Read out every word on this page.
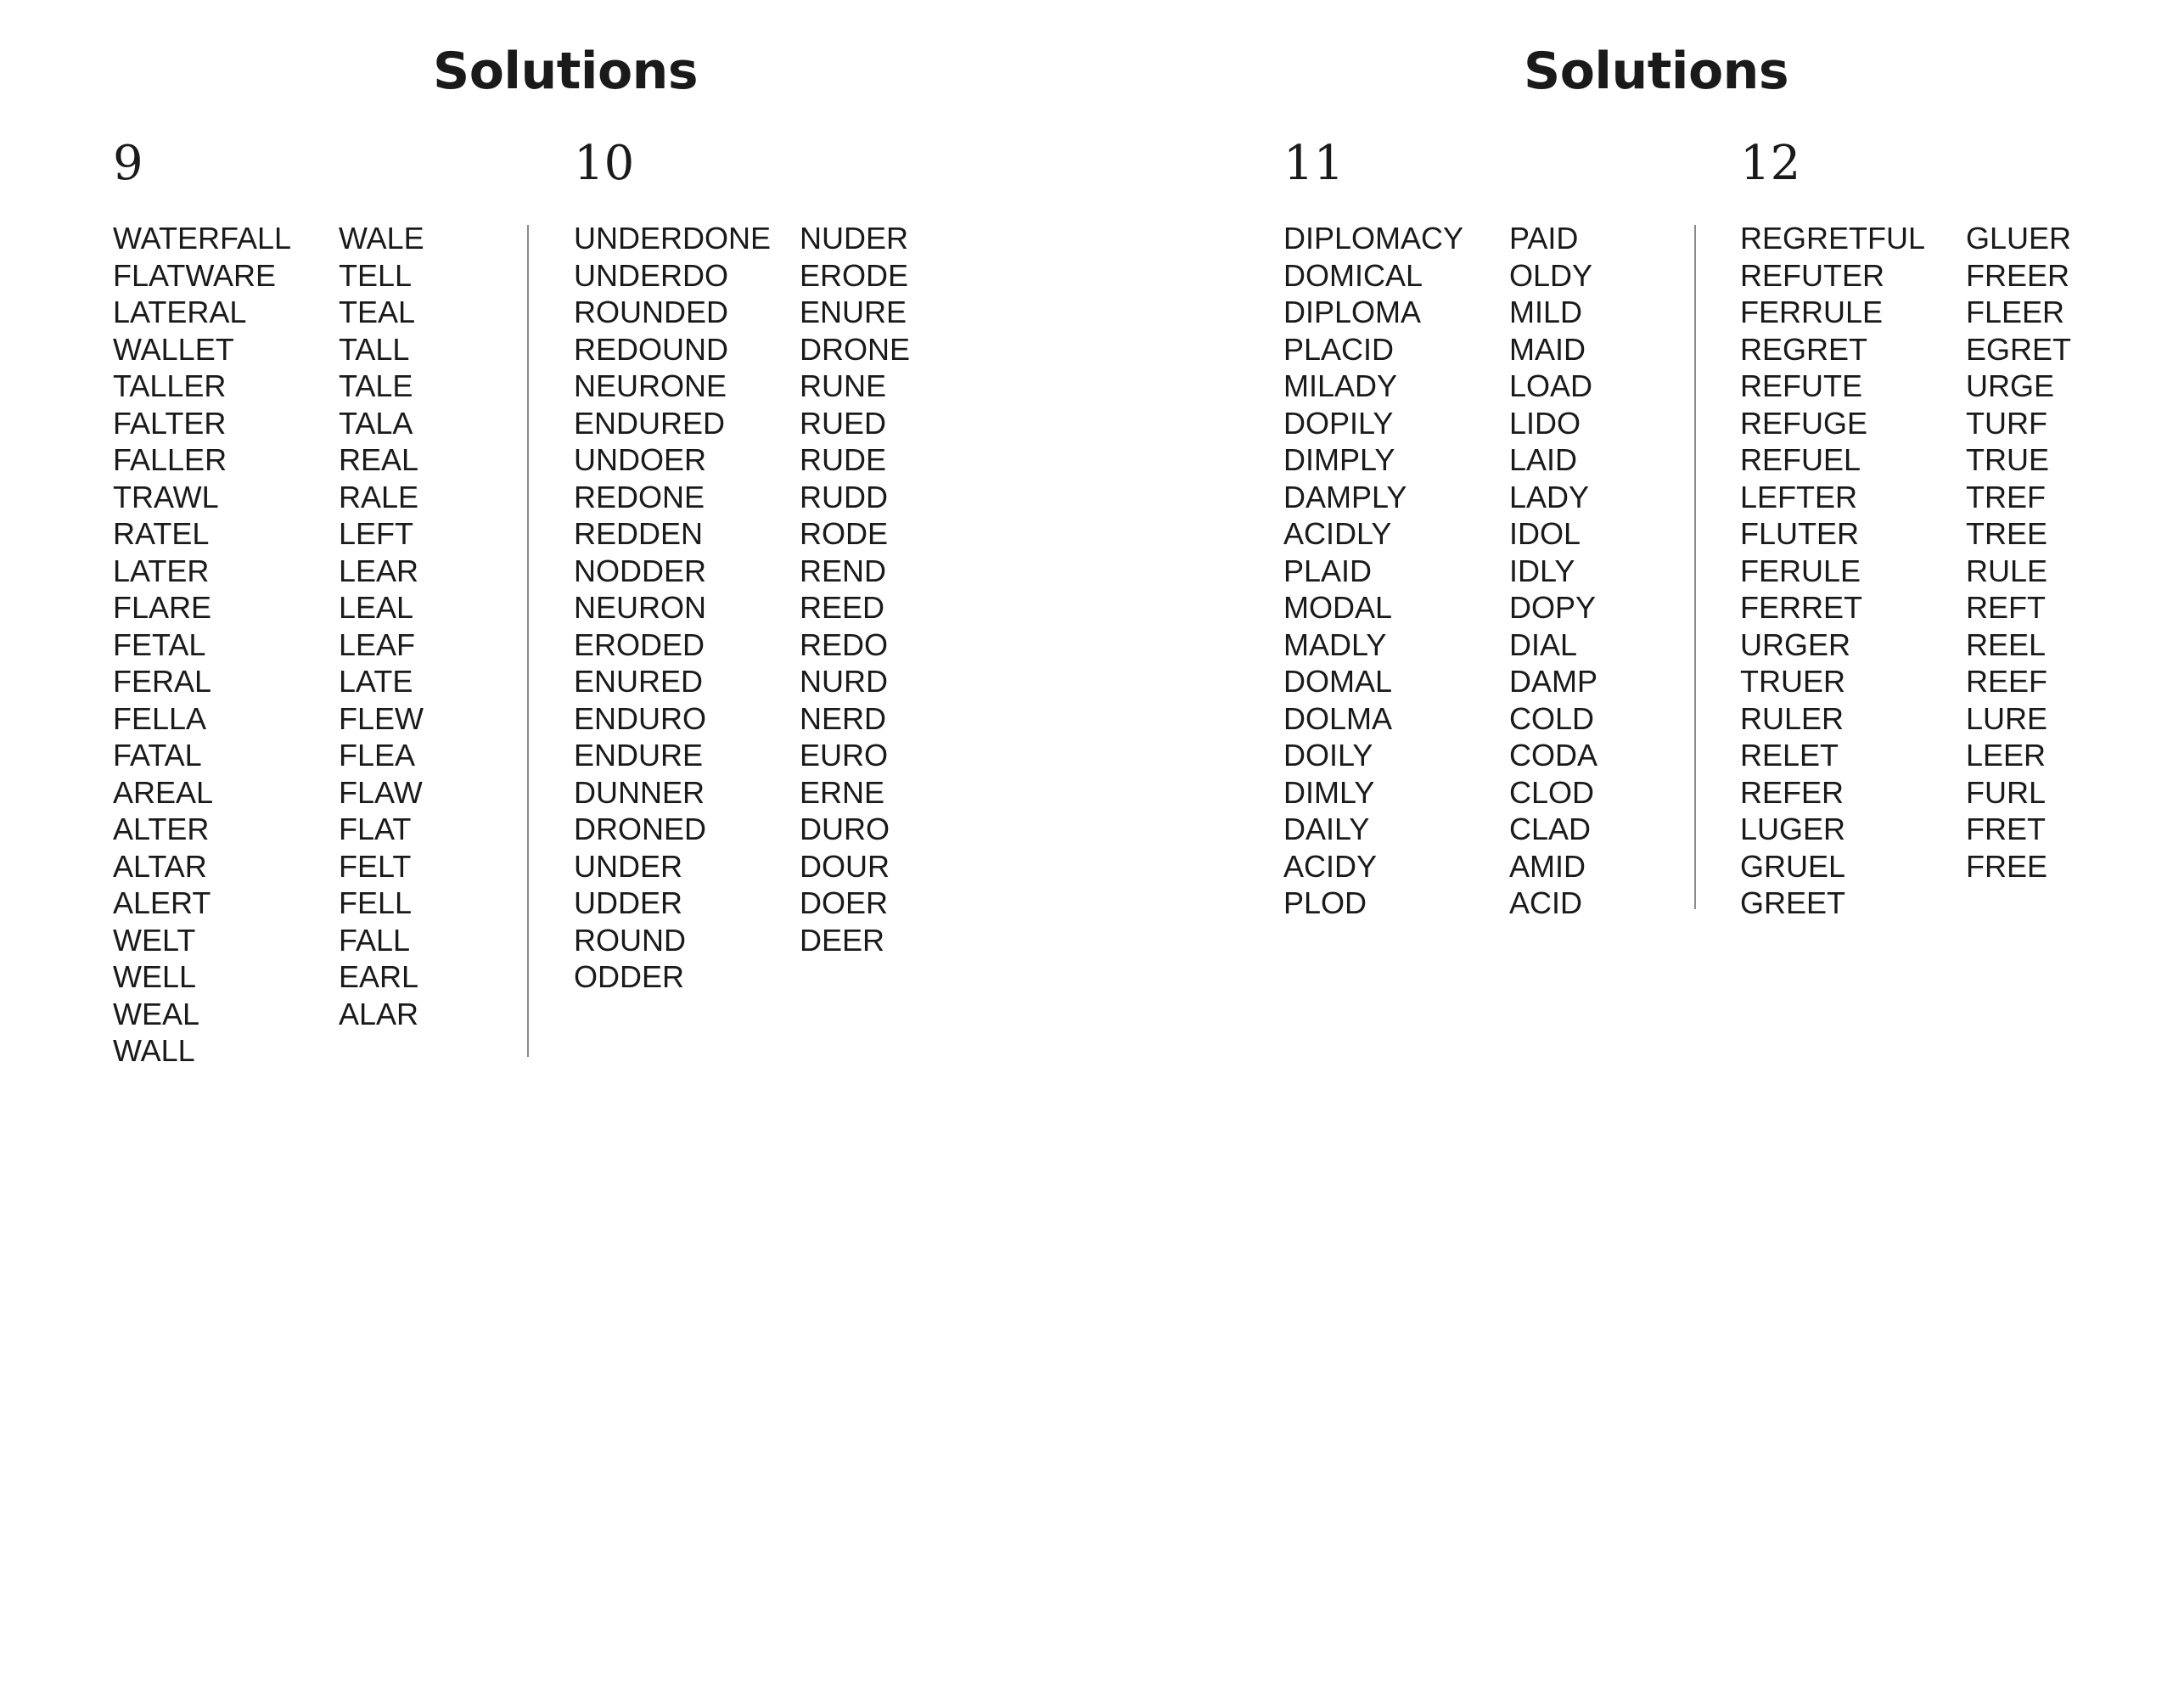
Solutions
9
WATERFALL
FLATWARE
LATERAL
WALLET
TALLER
FALTER
FALLER
TRAWL
RATEL
LATER
FLARE
FETAL
FERAL
FELLA
FATAL
AREAL
ALTER
ALTAR
ALERT
WELT
WELL
WEAL
WALL
WALE
TELL
TEAL
TALL
TALE
TALA
REAL
RALE
LEFT
LEAR
LEAL
LEAF
LATE
FLEW
FLEA
FLAW
FLAT
FELT
FELL
FALL
EARL
ALAR
10
UNDERDONE
UNDERDO
ROUNDED
REDOUND
NEURONE
ENDURED
UNDOER
REDONE
REDDEN
NODDER
NEURON
ERODED
ENURED
ENDURO
ENDURE
DUNNER
DRONED
UNDER
UDDER
ROUND
ODDER
NUDER
ERODE
ENURE
DRONE
RUNE
RUED
RUDE
RUDD
RODE
REND
REED
REDO
NURD
NERD
EURO
ERNE
DURO
DOUR
DOER
DEER
Solutions
11
DIPLOMACY
DOMICAL
DIPLOMA
PLACID
MILADY
DOPILY
DIMPLY
DAMPLY
ACIDLY
PLAID
MODAL
MADLY
DOMAL
DOLMA
DOILY
DIMLY
DAILY
ACIDY
PLOD
PAID
OLDY
MILD
MAID
LOAD
LIDO
LAID
LADY
IDOL
IDLY
DOPY
DIAL
DAMP
COLD
CODA
CLOD
CLAD
AMID
ACID
12
REGRETFUL
REFUTER
FERRULE
REGRET
REFUTE
REFUGE
REFUEL
LEFTER
FLUTER
FERULE
FERRET
URGER
TRUER
RULER
RELET
REFER
LUGER
GRUEL
GREET
GLUER
FREER
FLEER
EGRET
URGE
TURF
TRUE
TREF
TREE
RULE
REFT
REEL
REEF
LURE
LEER
FURL
FRET
FREE
